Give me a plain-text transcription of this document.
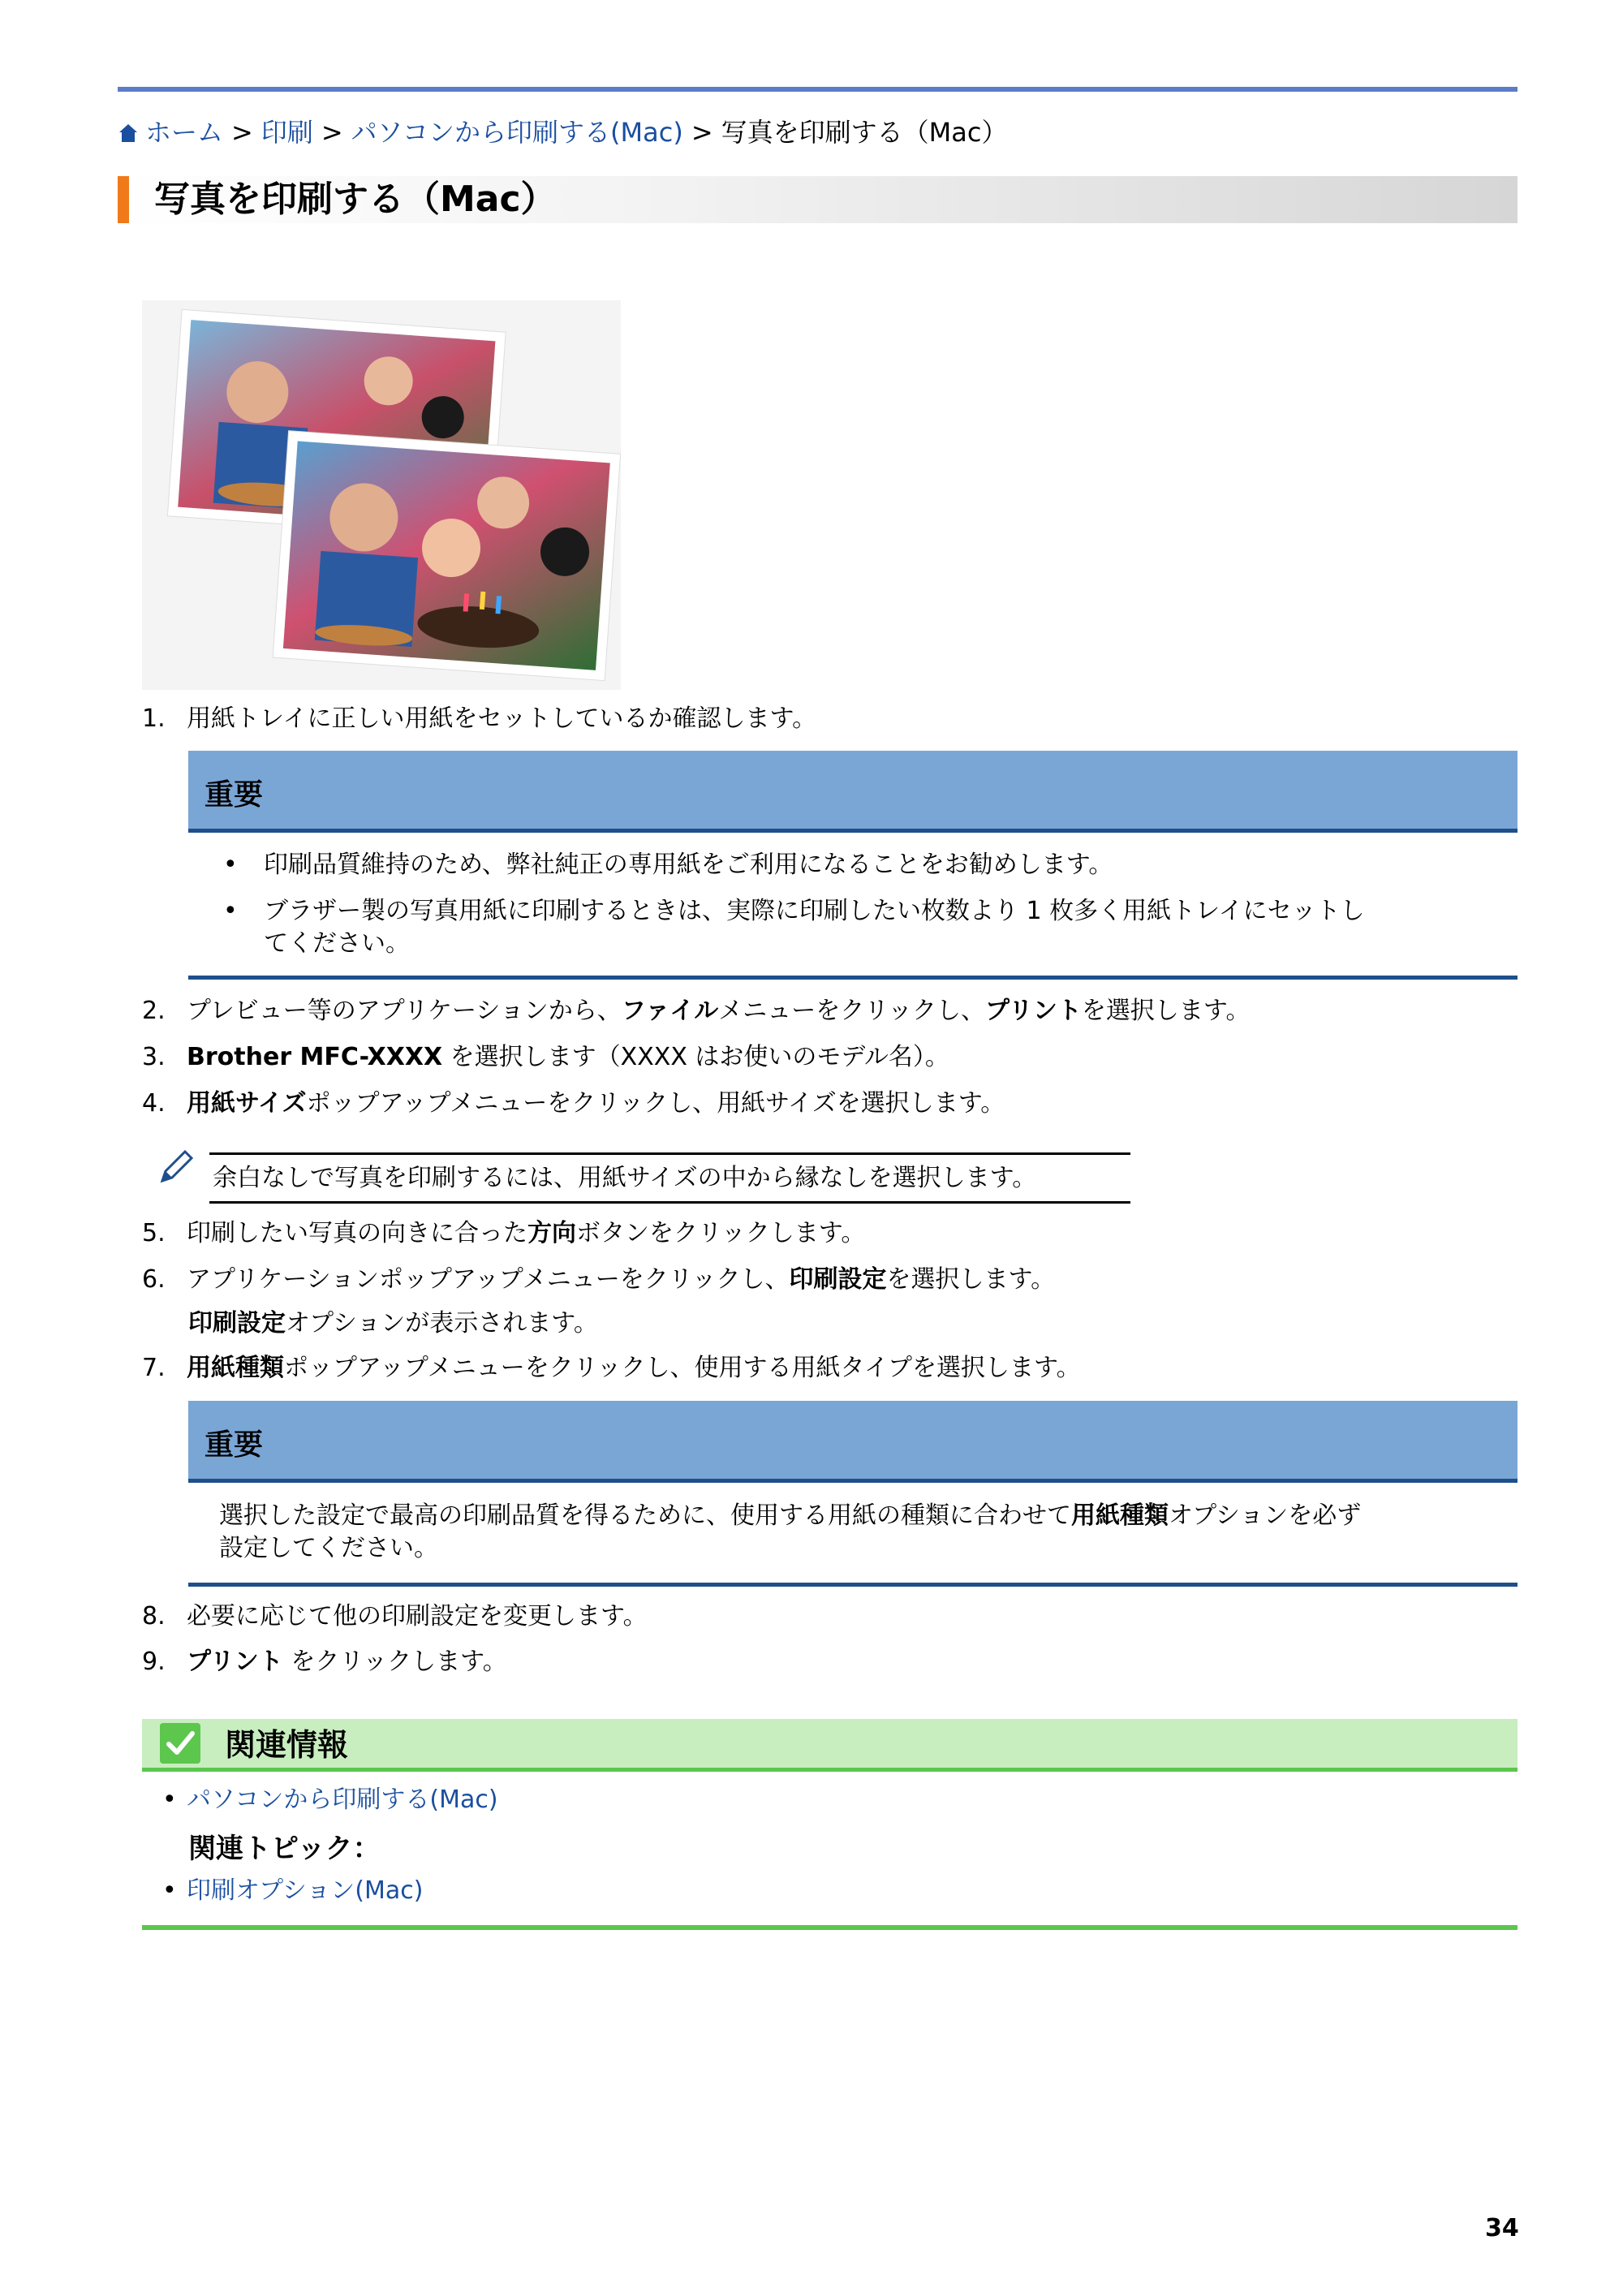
ホーム > 印刷 > パソコンから印刷する(Mac) > 写真を印刷する（Mac）
写真を印刷する（Mac）
1. 用紙トレイに正しい用紙をセットしているか確認します。
重要
• 印刷品質維持のため、弊社純正の専用紙をご利用になることをお勧めします。
• ブラザー製の写真用紙に印刷するときは、実際に印刷したい枚数より 1 枚多く用紙トレイにセットし
てください。
2. プレビュー等のアプリケーションから、ファイルメニューをクリックし、プリントを選択します。
3. Brother MFC-XXXX を選択します（XXXX はお使いのモデル名）。
4. 用紙サイズポップアップメニューをクリックし、用紙サイズを選択します。
余白なしで写真を印刷するには、用紙サイズの中から縁なしを選択します。
5. 印刷したい写真の向きに合った方向ボタンをクリックします。
6. アプリケーションポップアップメニューをクリックし、印刷設定を選択します。
印刷設定オプションが表示されます。
7. 用紙種類ポップアップメニューをクリックし、使用する用紙タイプを選択します。
重要
選択した設定で最高の印刷品質を得るために、使用する用紙の種類に合わせて用紙種類オプションを必ず
設定してください。
8. 必要に応じて他の印刷設定を変更します。
9. プリント をクリックします。
関連情報
• パソコンから印刷する(Mac)
関連トピック：
• 印刷オプション(Mac)
34
